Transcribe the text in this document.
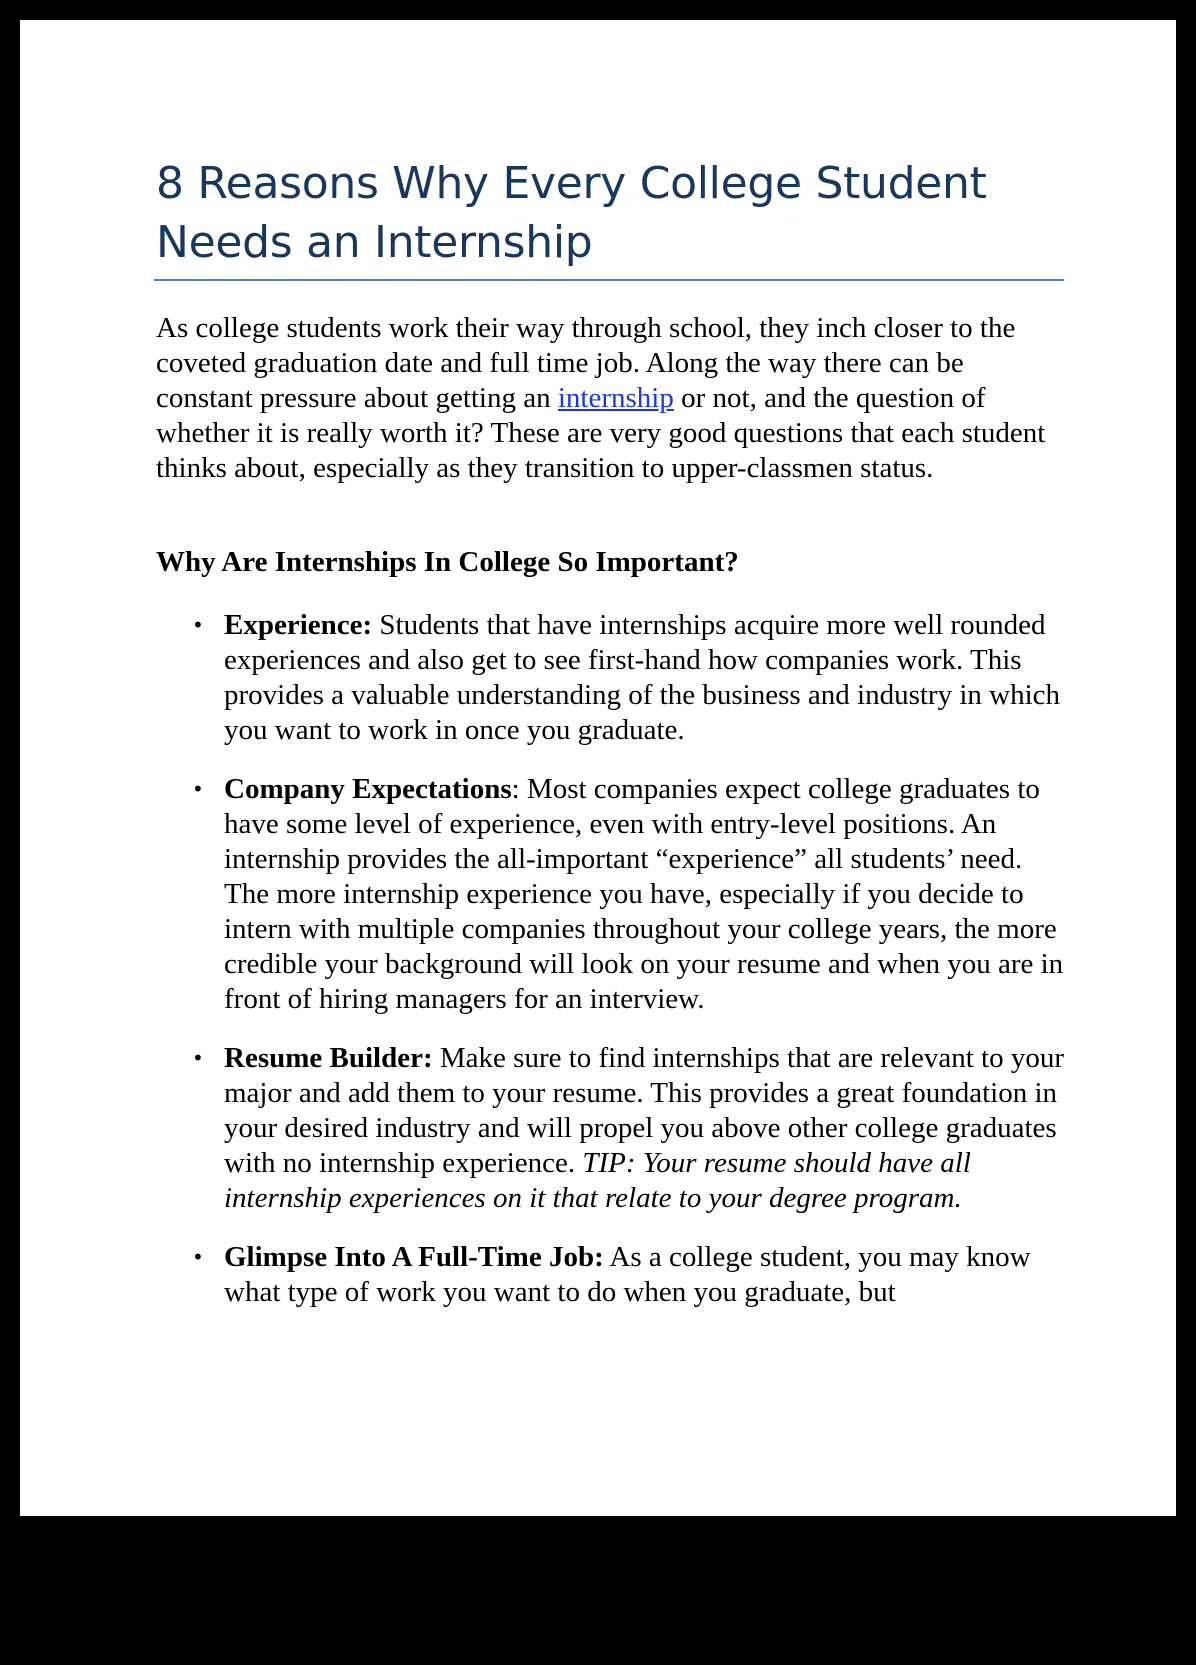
8 Reasons Why Every College Student Needs an Internship

As college students work their way through school, they inch closer to the coveted graduation date and full time job. Along the way there can be constant pressure about getting an internship or not, and the question of whether it is really worth it? These are very good questions that each student thinks about, especially as they transition to upper-classmen status.

Why Are Internships In College So Important?
• Experience: Students that have internships acquire more well rounded experiences and also get to see first-hand how companies work. This provides a valuable understanding of the business and industry in which you want to work in once you graduate.
• Company Expectations: Most companies expect college graduates to have some level of experience, even with entry-level positions. An internship provides the all-important “experience” all students’ need. The more internship experience you have, especially if you decide to intern with multiple companies throughout your college years, the more credible your background will look on your resume and when you are in front of hiring managers for an interview.
• Resume Builder: Make sure to find internships that are relevant to your major and add them to your resume. This provides a great foundation in your desired industry and will propel you above other college graduates with no internship experience. TIP: Your resume should have all internship experiences on it that relate to your degree program.
• Glimpse Into A Full-Time Job: As a college student, you may know what type of work you want to do when you graduate, but
